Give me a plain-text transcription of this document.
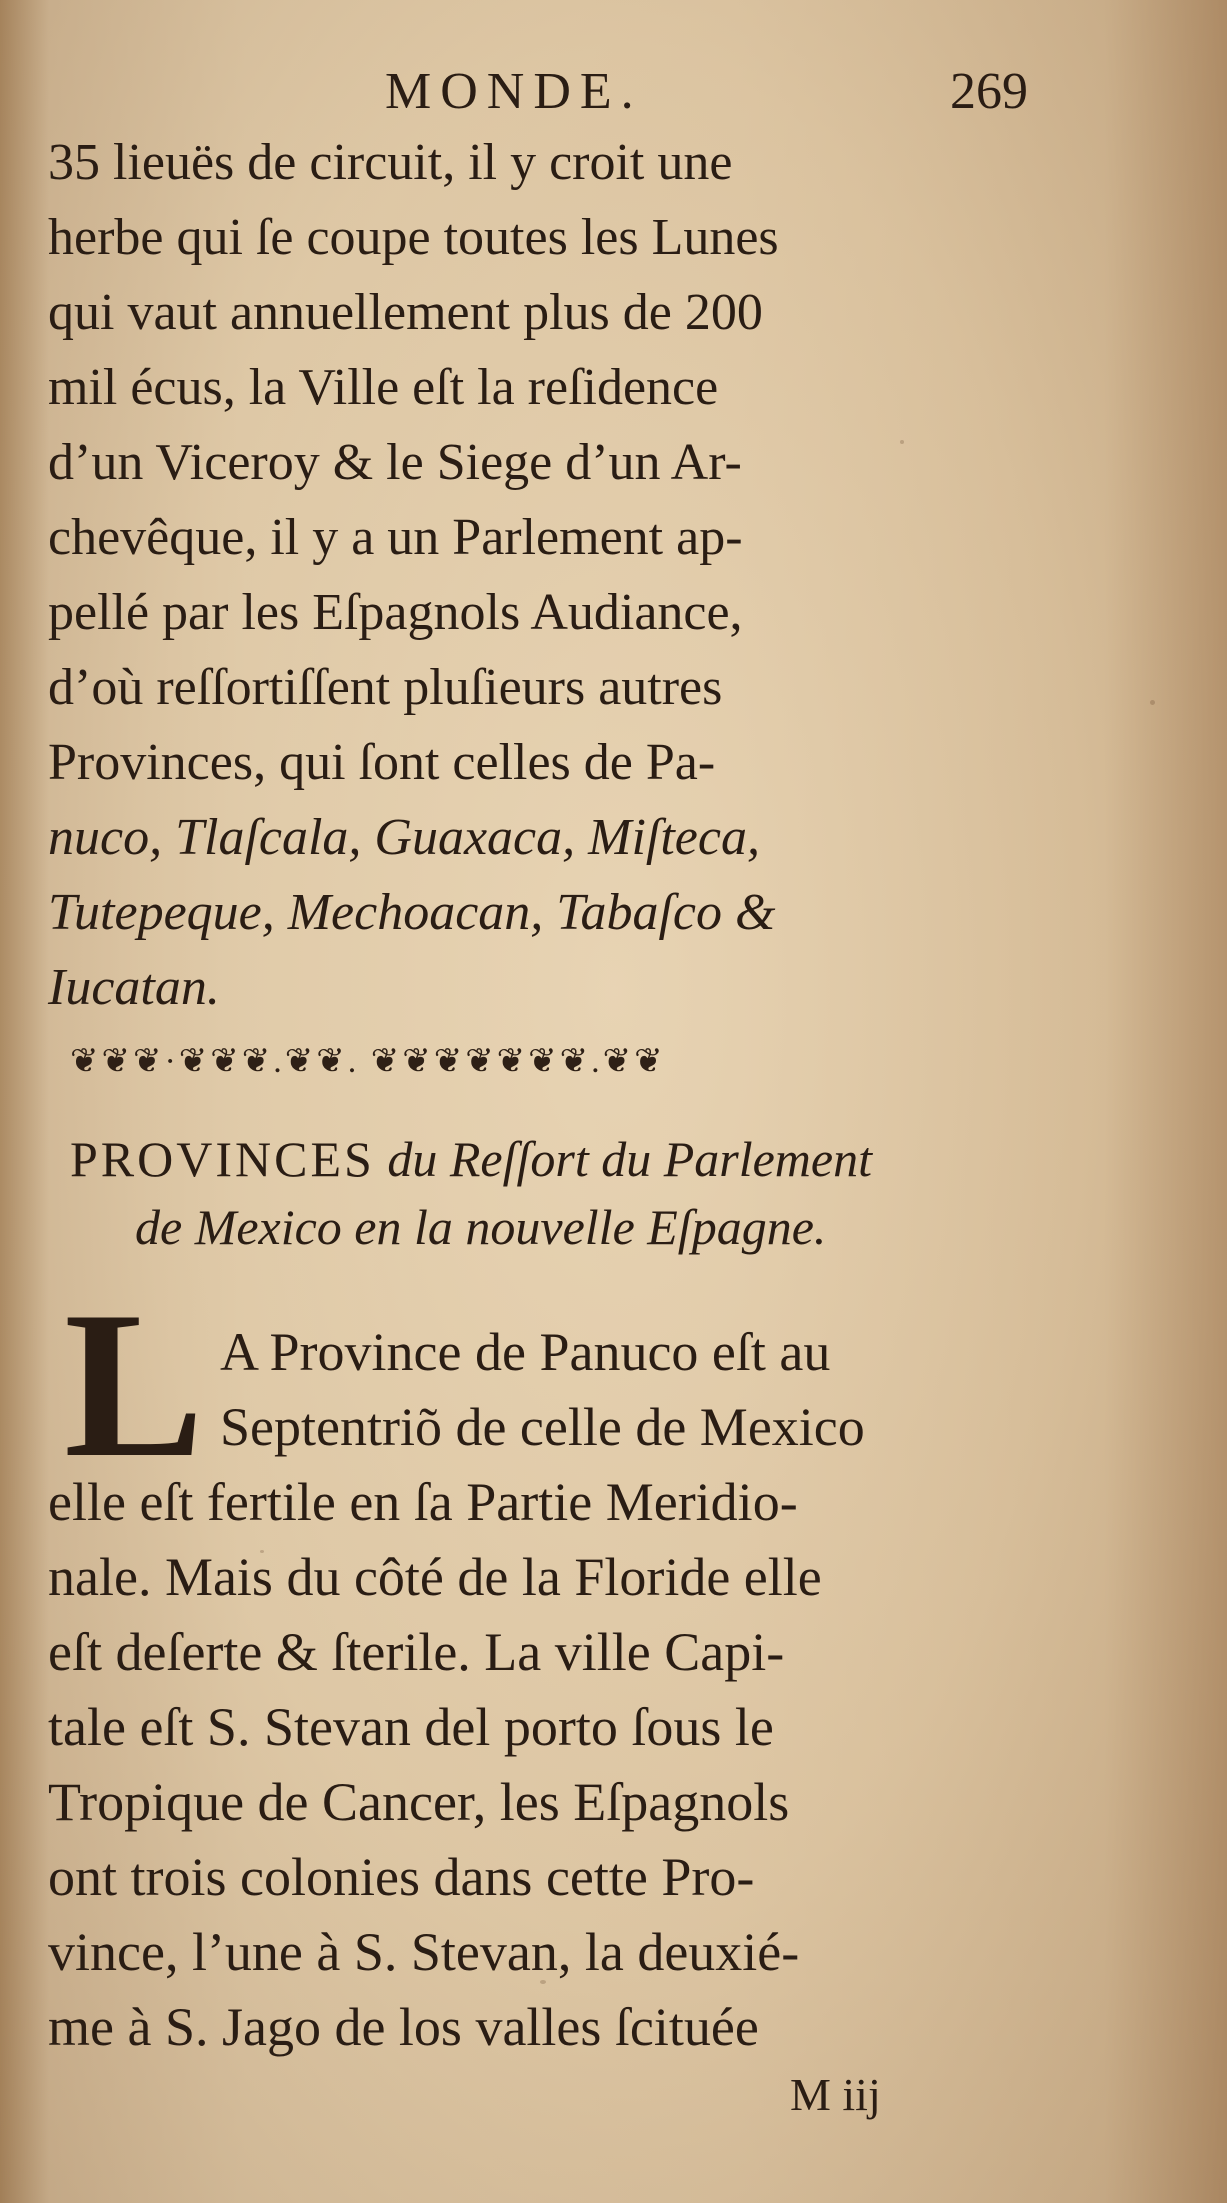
MONDE.	269
35 lieuës de circuit, il y croit une
herbe qui ſe coupe toutes les Lunes
qui vaut annuellement plus de 200
mil écus, la Ville eſt la reſidence
d’un Viceroy & le Siege d’un Ar-
chevêque, il y a un Parlement ap-
pellé par les Eſpagnols Audiance,
d’où reſſortiſſent pluſieurs autres
Provinces, qui ſont celles de Pa-
nuco, Tlaſcala, Guaxaca, Miſteca,
Tutepeque, Mechoacan, Tabaſco &
Iucatan.
❦❦❦·❦❦❦.❦❦. ❦❦❦❦❦❦❦.❦❦
PROVINCES du Reſſort du Parlement
de Mexico en la nouvelle Eſpagne.
L A Province de Panuco eſt au
Septentriõ de celle de Mexico
elle eſt fertile en ſa Partie Meridio-
nale. Mais du côté de la Floride elle
eſt deſerte & ſterile. La ville Capi-
tale eſt S. Stevan del porto ſous le
Tropique de Cancer, les Eſpagnols
ont trois colonies dans cette Pro-
vince, l’une à S. Stevan, la deuxié-
me à S. Jago de los valles ſcituée
M iij
